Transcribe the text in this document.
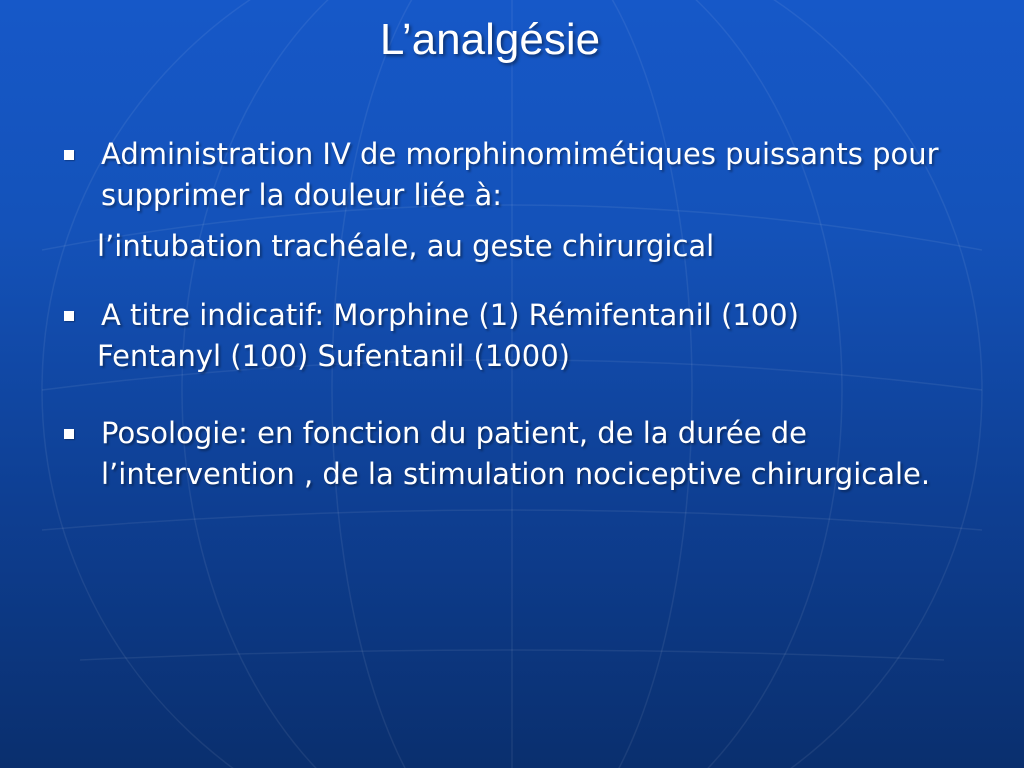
L’analgésie
Administration IV de morphinomimétiques puissants pour supprimer la douleur liée à:
l’intubation trachéale, au geste chirurgical
A titre indicatif: Morphine (1) Rémifentanil (100)
Fentanyl (100) Sufentanil (1000)
Posologie: en fonction du patient, de la durée de l’intervention , de la stimulation nociceptive chirurgicale.
